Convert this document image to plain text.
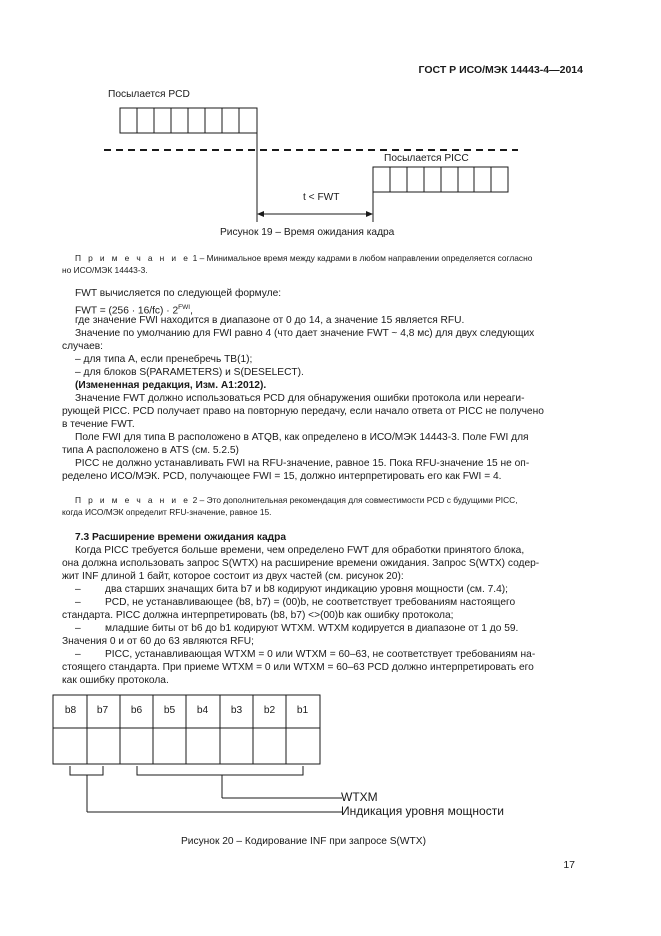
ГОСТ Р ИСО/МЭК 14443-4—2014
Посылается PCD
Посылается PICC
t < FWT
Рисунок 19 – Время ожидания кадра
П р и м е ч а н и е 1 – Минимальное время между кадрами в любом направлении определяется согласно
но ИСО/МЭК 14443-3.
FWT вычисляется по следующей формуле:
FWT = $(256 \cdot 16/fc) \cdot 2^{FWI}$,
где значение FWI находится в диапазоне от 0 до 14, а значение 15 является RFU.
Значение по умолчанию для FWI равно 4 (что дает значение FWT ~ 4,8 мс) для двух следующих
случаев:
– для типа А, если пренебречь ТВ(1);
– для блоков S(PARAMETERS) и S(DESELECT).
(Измененная редакция, Изм. А1:2012).
Значение FWT должно использоваться PCD для обнаружения ошибки протокола или нереаги-
рующей PICC. PCD получает право на повторную передачу, если начало ответа от PICC не получено
в течение FWT.
Поле FWI для типа В расположено в ATQB, как определено в ИСО/МЭК 14443-3. Поле FWI для
типа А расположено в ATS (см. 5.2.5)
PICC не должно устанавливать FWI на RFU-значение, равное 15. Пока RFU-значение 15 не оп-
ределено ИСО/МЭК. PCD, получающее FWI = 15, должно интерпретировать его как FWI = 4.
П р и м е ч а н и е 2 – Это дополнительная рекомендация для совместимости PCD с будущими PICC,
когда ИСО/МЭК определит RFU-значение, равное 15.
7.3 Расширение времени ожидания кадра
Когда PICC требуется больше времени, чем определено FWT для обработки принятого блока,
она должна использовать запрос S(WTX) на расширение времени ожидания. Запрос S(WTX) содер-
жит INF длиной 1 байт, которое состоит из двух частей (см. рисунок 20):
– два старших значащих бита b7 и b8 кодируют индикацию уровня мощности (см. 7.4);
– PCD, не устанавливающее (b8, b7) = (00)b, не соответствует требованиям настоящего
стандарта. PICC должна интерпретировать (b8, b7) <>(00)b как ошибку протокола;
– младшие биты от b6 до b1 кодируют WTXM. WTXM кодируется в диапазоне от 1 до 59.
Значения 0 и от 60 до 63 являются RFU;
– PICC, устанавливающая WTXM = 0 или WTXM = 60–63, не соответствует требованиям на-
стоящего стандарта. При приеме WTXM = 0 или WTXM = 60–63 PCD должно интерпретировать его
как ошибку протокола.
b8	b7	b6	b5	b4	b3	b2	b1
WTXM
Индикация уровня мощности
Рисунок 20 – Кодирование INF при запросе S(WTX)
17
